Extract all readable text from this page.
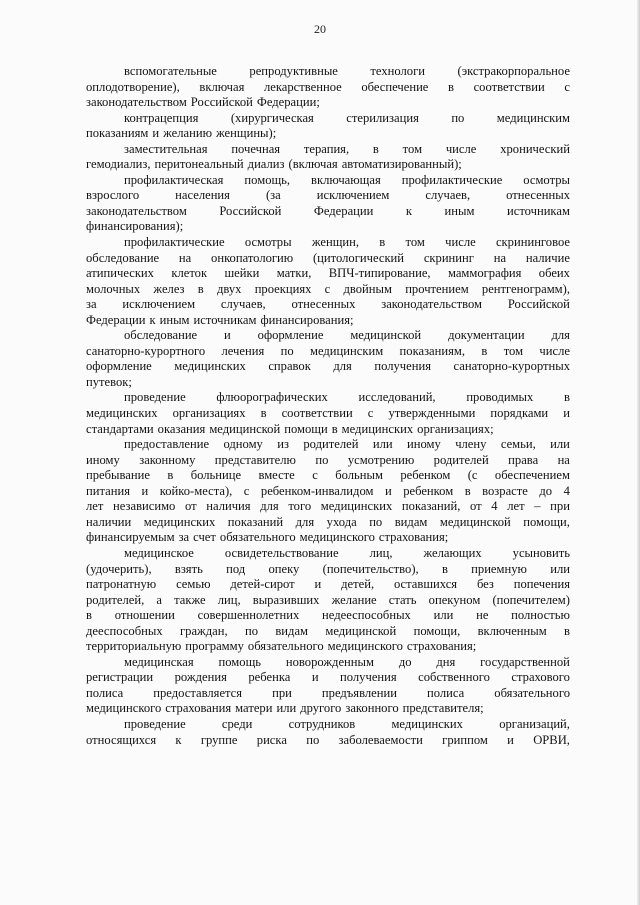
20
вспомогательные	репродуктивные	технологи	(экстракорпоральное
оплодотворение), включая лекарственное обеспечение в соответствии с
законодательством Российской Федерации;
контрацепция	(хирургическая	стерилизация	по	медицинским
показаниям и желанию женщины);
заместительная почечная терапия, в том числе хронический
гемодиализ, перитонеальный диализ (включая автоматизированный);
профилактическая помощь, включающая профилактические осмотры
взрослого	населения	(за	исключением	случаев,	отнесенных
законодательством	Российской	Федерации	к	иным	источникам
финансирования);
профилактические осмотры женщин, в том числе скрининговое
обследование на онкопатологию (цитологический скрининг на наличие
атипических клеток шейки матки, ВПЧ-типирование, маммография обеих
молочных желез в двух проекциях с двойным прочтением рентгенограмм),
за исключением случаев, отнесенных законодательством Российской
Федерации к иным источникам финансирования;
обследование и оформление медицинской документации для
санаторно-курортного лечения по медицинским показаниям, в том числе
оформление медицинских справок для получения санаторно-курортных
путевок;
проведение флюорографических исследований, проводимых в
медицинских организациях в соответствии с утвержденными порядками и
стандартами оказания медицинской помощи в медицинских организациях;
предоставление одному из родителей или иному члену семьи, или
иному законному представителю по усмотрению родителей права на
пребывание в больнице вместе с больным ребенком (с обеспечением
питания и койко-места), с ребенком-инвалидом и ребенком в возрасте до 4
лет независимо от наличия для того медицинских показаний, от 4 лет – при
наличии медицинских показаний для ухода по видам медицинской помощи,
финансируемым за счет обязательного медицинского страхования;
медицинское освидетельствование лиц, желающих усыновить
(удочерить), взять под опеку (попечительство), в приемную или
патронатную семью детей-сирот и детей, оставшихся без попечения
родителей, а также лиц, выразивших желание стать опекуном (попечителем)
в отношении совершеннолетних недееспособных или не полностью
дееспособных граждан, по видам медицинской помощи, включенным в
территориальную программу обязательного медицинского страхования;
медицинская помощь новорожденным до дня государственной
регистрации рождения ребенка и получения собственного страхового
полиса предоставляется при предъявлении полиса обязательного
медицинского страхования матери или другого законного представителя;
проведение	среди	сотрудников	медицинских	организаций,
относящихся к группе риска по заболеваемости гриппом и ОРВИ,
